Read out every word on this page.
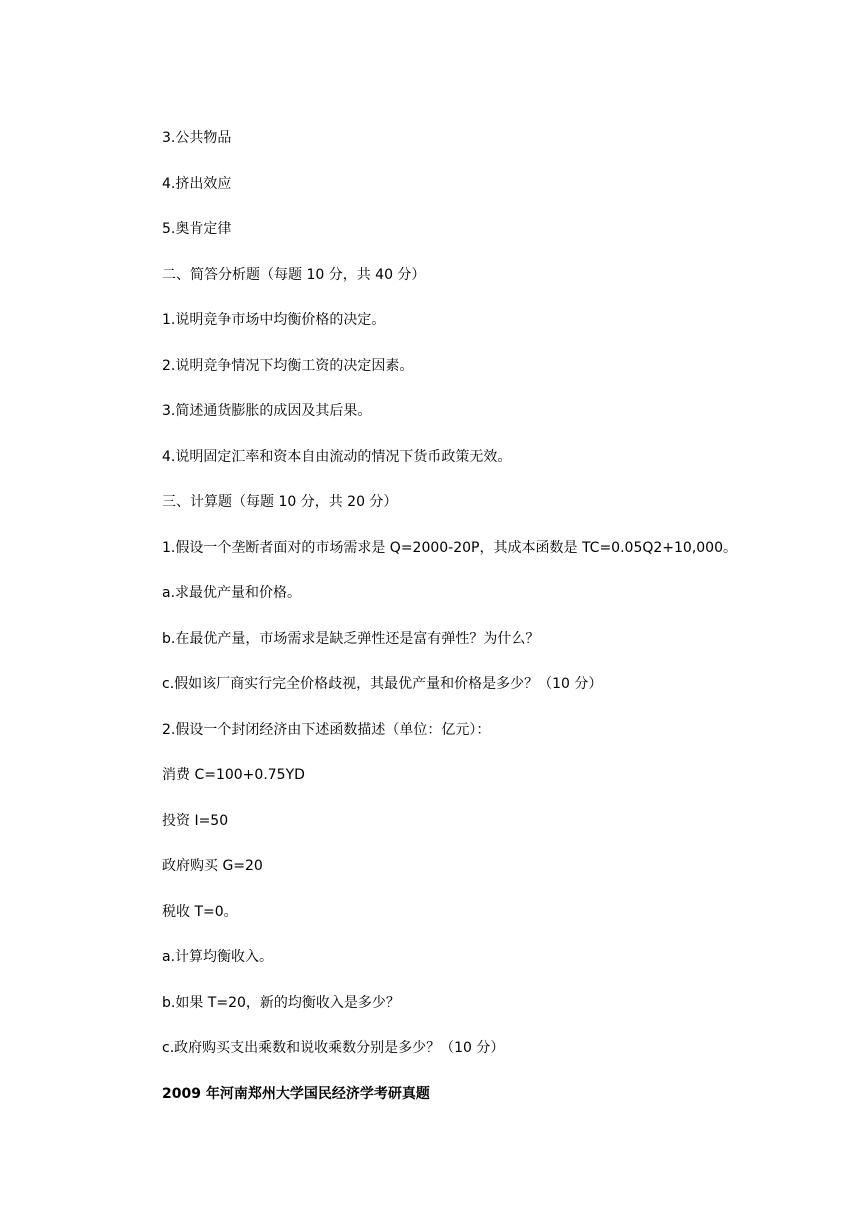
3.公共物品

4.挤出效应

5.奥肯定律

二、简答分析题（每题 10 分，共 40 分）

1.说明竞争市场中均衡价格的决定。

2.说明竞争情况下均衡工资的决定因素。

3.简述通货膨胀的成因及其后果。

4.说明固定汇率和资本自由流动的情况下货币政策无效。

三、计算题（每题 10 分，共 20 分）

1.假设一个垄断者面对的市场需求是 Q=2000-20P，其成本函数是 TC=0.05Q2+10,000。

a.求最优产量和价格。

b.在最优产量，市场需求是缺乏弹性还是富有弹性？为什么？

c.假如该厂商实行完全价格歧视，其最优产量和价格是多少？（10 分）

2.假设一个封闭经济由下述函数描述（单位：亿元）：

消费 C=100+0.75YD

投资 I=50

政府购买 G=20

税收 T=0。

a.计算均衡收入。

b.如果 T=20，新的均衡收入是多少？

c.政府购买支出乘数和说收乘数分别是多少？（10 分）

2009 年河南郑州大学国民经济学考研真题
